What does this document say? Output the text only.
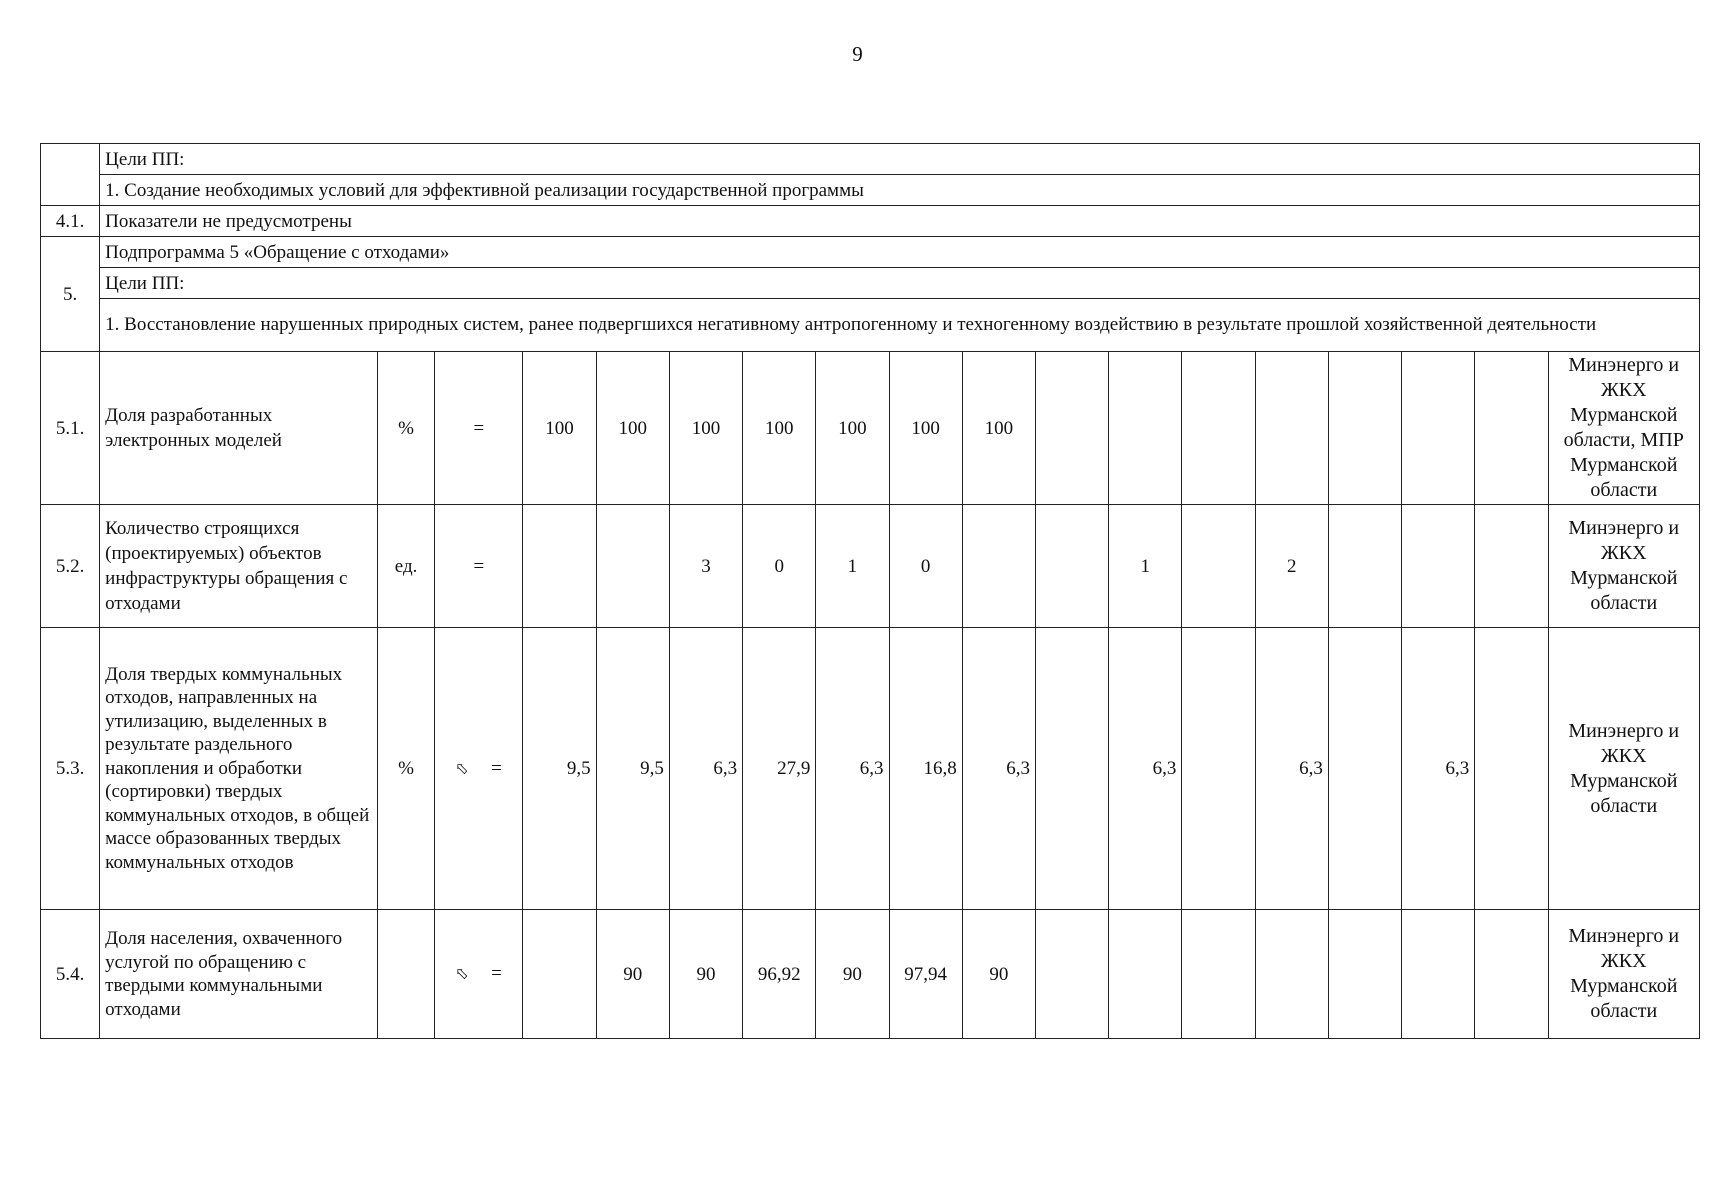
9
	Цели ПП:																	
	1. Создание необходимых условий для эффективной реализации государственной программы																	
4.1.	Показатели не предусмотрены																	
5.	Подпрограмма 5 «Обращение с отходами»																	
	Цели ПП:																	
	1. Восстановление нарушенных природных систем, ранее подвергшихся негативному антропогенному и техногенному воздействию в результате прошлой хозяйственной деятельности																	
5.1.	Доля разработанных электронных моделей	%	=	100	100	100	100	100	100	100								Минэнерго и ЖКХ Мурманской области, МПР Мурманской области
5.2.	Количество строящихся (проектируемых) объектов инфраструктуры обращения с отходами	ед.	=			3	0	1	0			1		2				Минэнерго и ЖКХ Мурманской области
5.3.	Доля твердых коммунальных отходов, направленных на утилизацию, выделенных в результате раздельного накопления и обработки (сортировки) твердых коммунальных отходов, в общей массе образованных твердых коммунальных отходов	%	⇧ =	9,5	9,5	6,3	27,9	6,3	16,8	6,3		6,3		6,3		6,3		Минэнерго и ЖКХ Мурманской области
5.4.	Доля населения, охваченного услугой по обращению с твердыми коммунальными отходами		⇧ =		90	90	96,92	90	97,94	90								Минэнерго и ЖКХ Мурманской области
